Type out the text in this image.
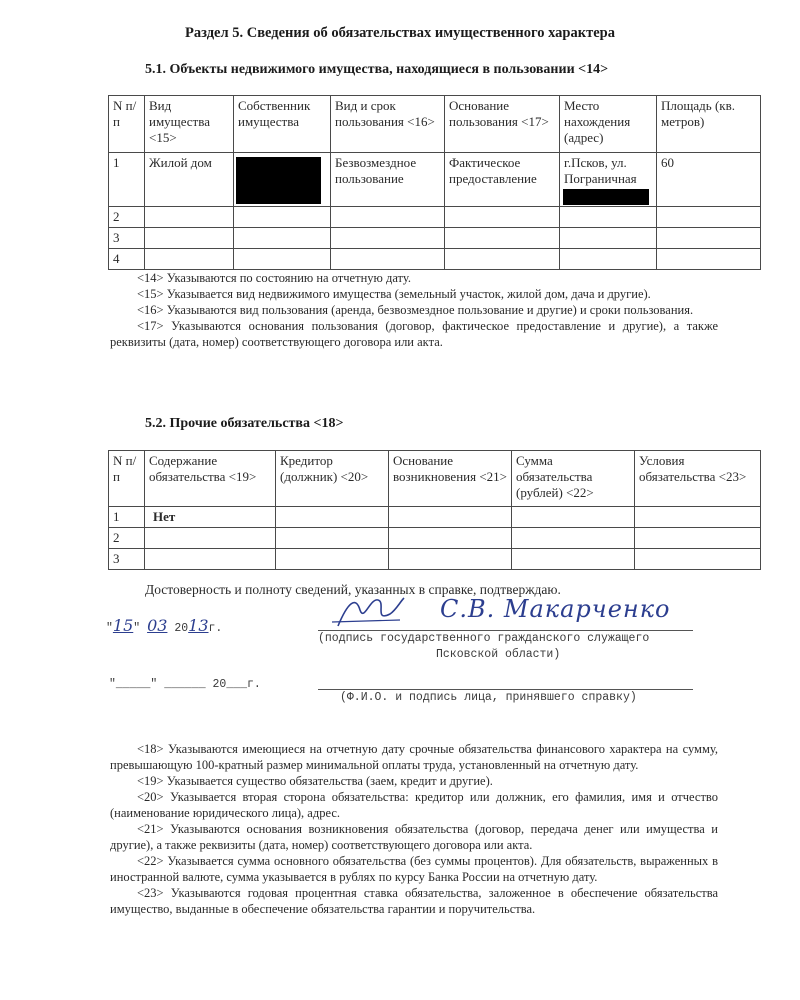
Раздел 5. Сведения об обязательствах имущественного характера
5.1. Объекты недвижимого имущества, находящиеся в пользовании <14>
N п/п	Вид имущества <15>	Собственник имущества	Вид и срок пользования <16>	Основание пользования <17>	Место нахождения (адрес)	Площадь (кв. метров)
1	Жилой дом		Безвозмездное пользование	Фактическое предоставление	г.Псков, ул. Пограничная	60
2						
3						
4						

<14> Указываются по состоянию на отчетную дату.

<15> Указывается вид недвижимого имущества (земельный участок, жилой дом, дача и другие).

<16> Указываются вид пользования (аренда, безвозмездное пользование и другие) и сроки пользования.

<17> Указываются основания пользования (договор, фактическое предоставление и другие), а также реквизиты (дата, номер) соответствующего договора или акта.

5.2. Прочие обязательства <18>
N п/п	Содержание обязательства <19>	Кредитор (должник) <20>	Основание возникновения <21>	Сумма обязательства (рублей) <22>	Условия обязательства <23>
1	Нет				
2					
3					
Достоверность и полноту сведений, указанных в справке, подтверждаю.
"15" 03 2013г.
С.В. Макарченко
(подпись государственного гражданского служащего
Псковской области)
"_____" ______ 20___г.
(Ф.И.О. и подпись лица, принявшего справку)

<18> Указываются имеющиеся на отчетную дату срочные обязательства финансового характера на сумму, превышающую 100-кратный размер минимальной оплаты труда, установленный на отчетную дату.

<19> Указывается существо обязательства (заем, кредит и другие).

<20> Указывается вторая сторона обязательства: кредитор или должник, его фамилия, имя и отчество (наименование юридического лица), адрес.

<21> Указываются основания возникновения обязательства (договор, передача денег или имущества и другие), а также реквизиты (дата, номер) соответствующего договора или акта.

<22> Указывается сумма основного обязательства (без суммы процентов). Для обязательств, выраженных в иностранной валюте, сумма указывается в рублях по курсу Банка России на отчетную дату.

<23> Указываются годовая процентная ставка обязательства, заложенное в обеспечение обязательства имущество, выданные в обеспечение обязательства гарантии и поручительства.
